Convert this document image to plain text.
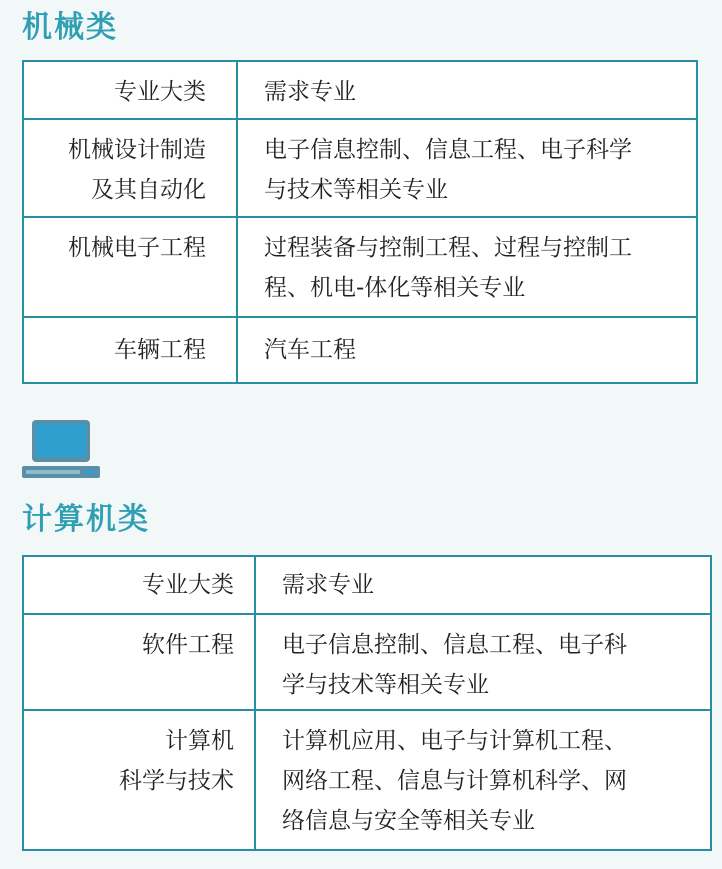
机械类
专业大类	需求专业

机械设计制造
及其自动化	电子信息控制、信息工程、电子科学
与技术等相关专业

机械电子工程	过程装备与控制工程、过程与控制工
程、机电-体化等相关专业

车辆工程	汽车工程
计算机类
专业大类	需求专业

软件工程	电子信息控制、信息工程、电子科
学与技术等相关专业

计算机
科学与技术	计算机应用、电子与计算机工程、
网络工程、信息与计算机科学、网
络信息与安全等相关专业
